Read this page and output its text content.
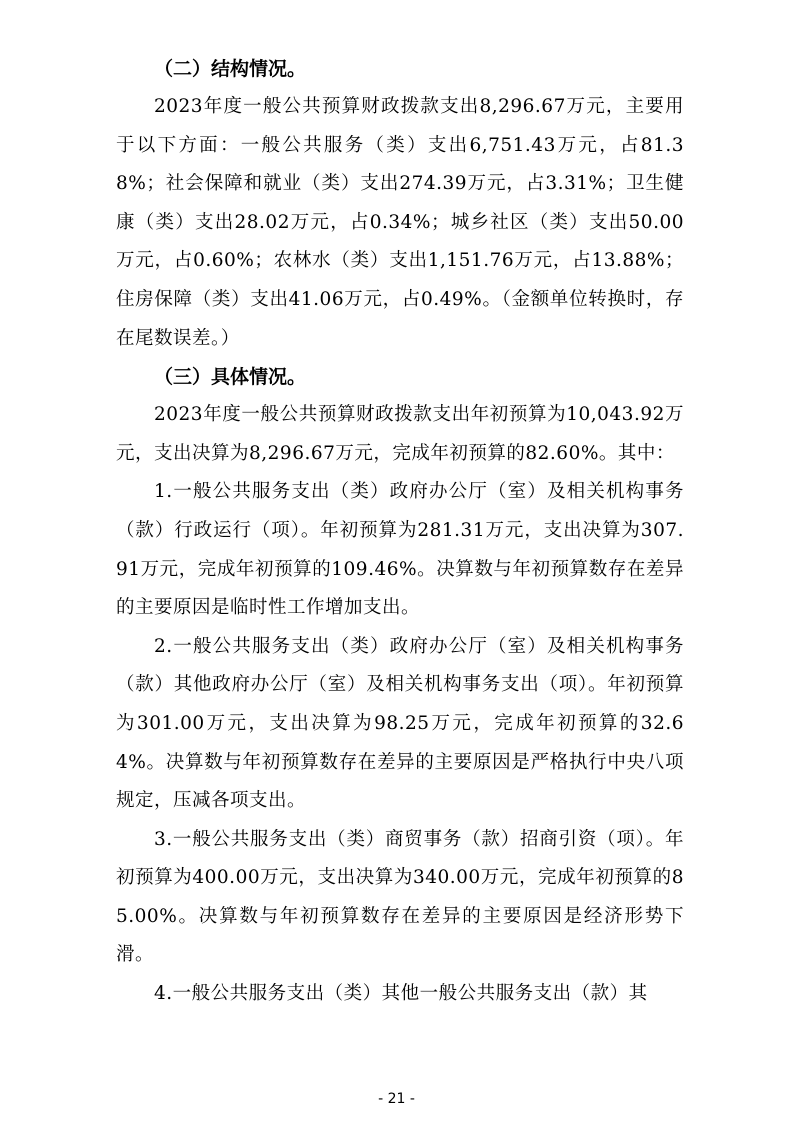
（二）结构情况。

2023年度一般公共预算财政拨款支出8,296.67万元，主要用于以下方面：一般公共服务（类）支出6,751.43万元，占81.38%；社会保障和就业（类）支出274.39万元，占3.31%；卫生健康（类）支出28.02万元，占0.34%；城乡社区（类）支出50.00万元，占0.60%；农林水（类）支出1,151.76万元，占13.88%；住房保障（类）支出41.06万元，占0.49%。（金额单位转换时，存在尾数误差。）

（三）具体情况。

2023年度一般公共预算财政拨款支出年初预算为10,043.92万元，支出决算为8,296.67万元，完成年初预算的82.60%。其中：

1.一般公共服务支出（类）政府办公厅（室）及相关机构事务（款）行政运行（项）。年初预算为281.31万元，支出决算为307.91万元，完成年初预算的109.46%。决算数与年初预算数存在差异的主要原因是临时性工作增加支出。

2.一般公共服务支出（类）政府办公厅（室）及相关机构事务（款）其他政府办公厅（室）及相关机构事务支出（项）。年初预算为301.00万元，支出决算为98.25万元，完成年初预算的32.64%。决算数与年初预算数存在差异的主要原因是严格执行中央八项规定，压减各项支出。

3.一般公共服务支出（类）商贸事务（款）招商引资（项）。年初预算为400.00万元，支出决算为340.00万元，完成年初预算的85.00%。决算数与年初预算数存在差异的主要原因是经济形势下滑。

4.一般公共服务支出（类）其他一般公共服务支出（款）其

- 21 -
